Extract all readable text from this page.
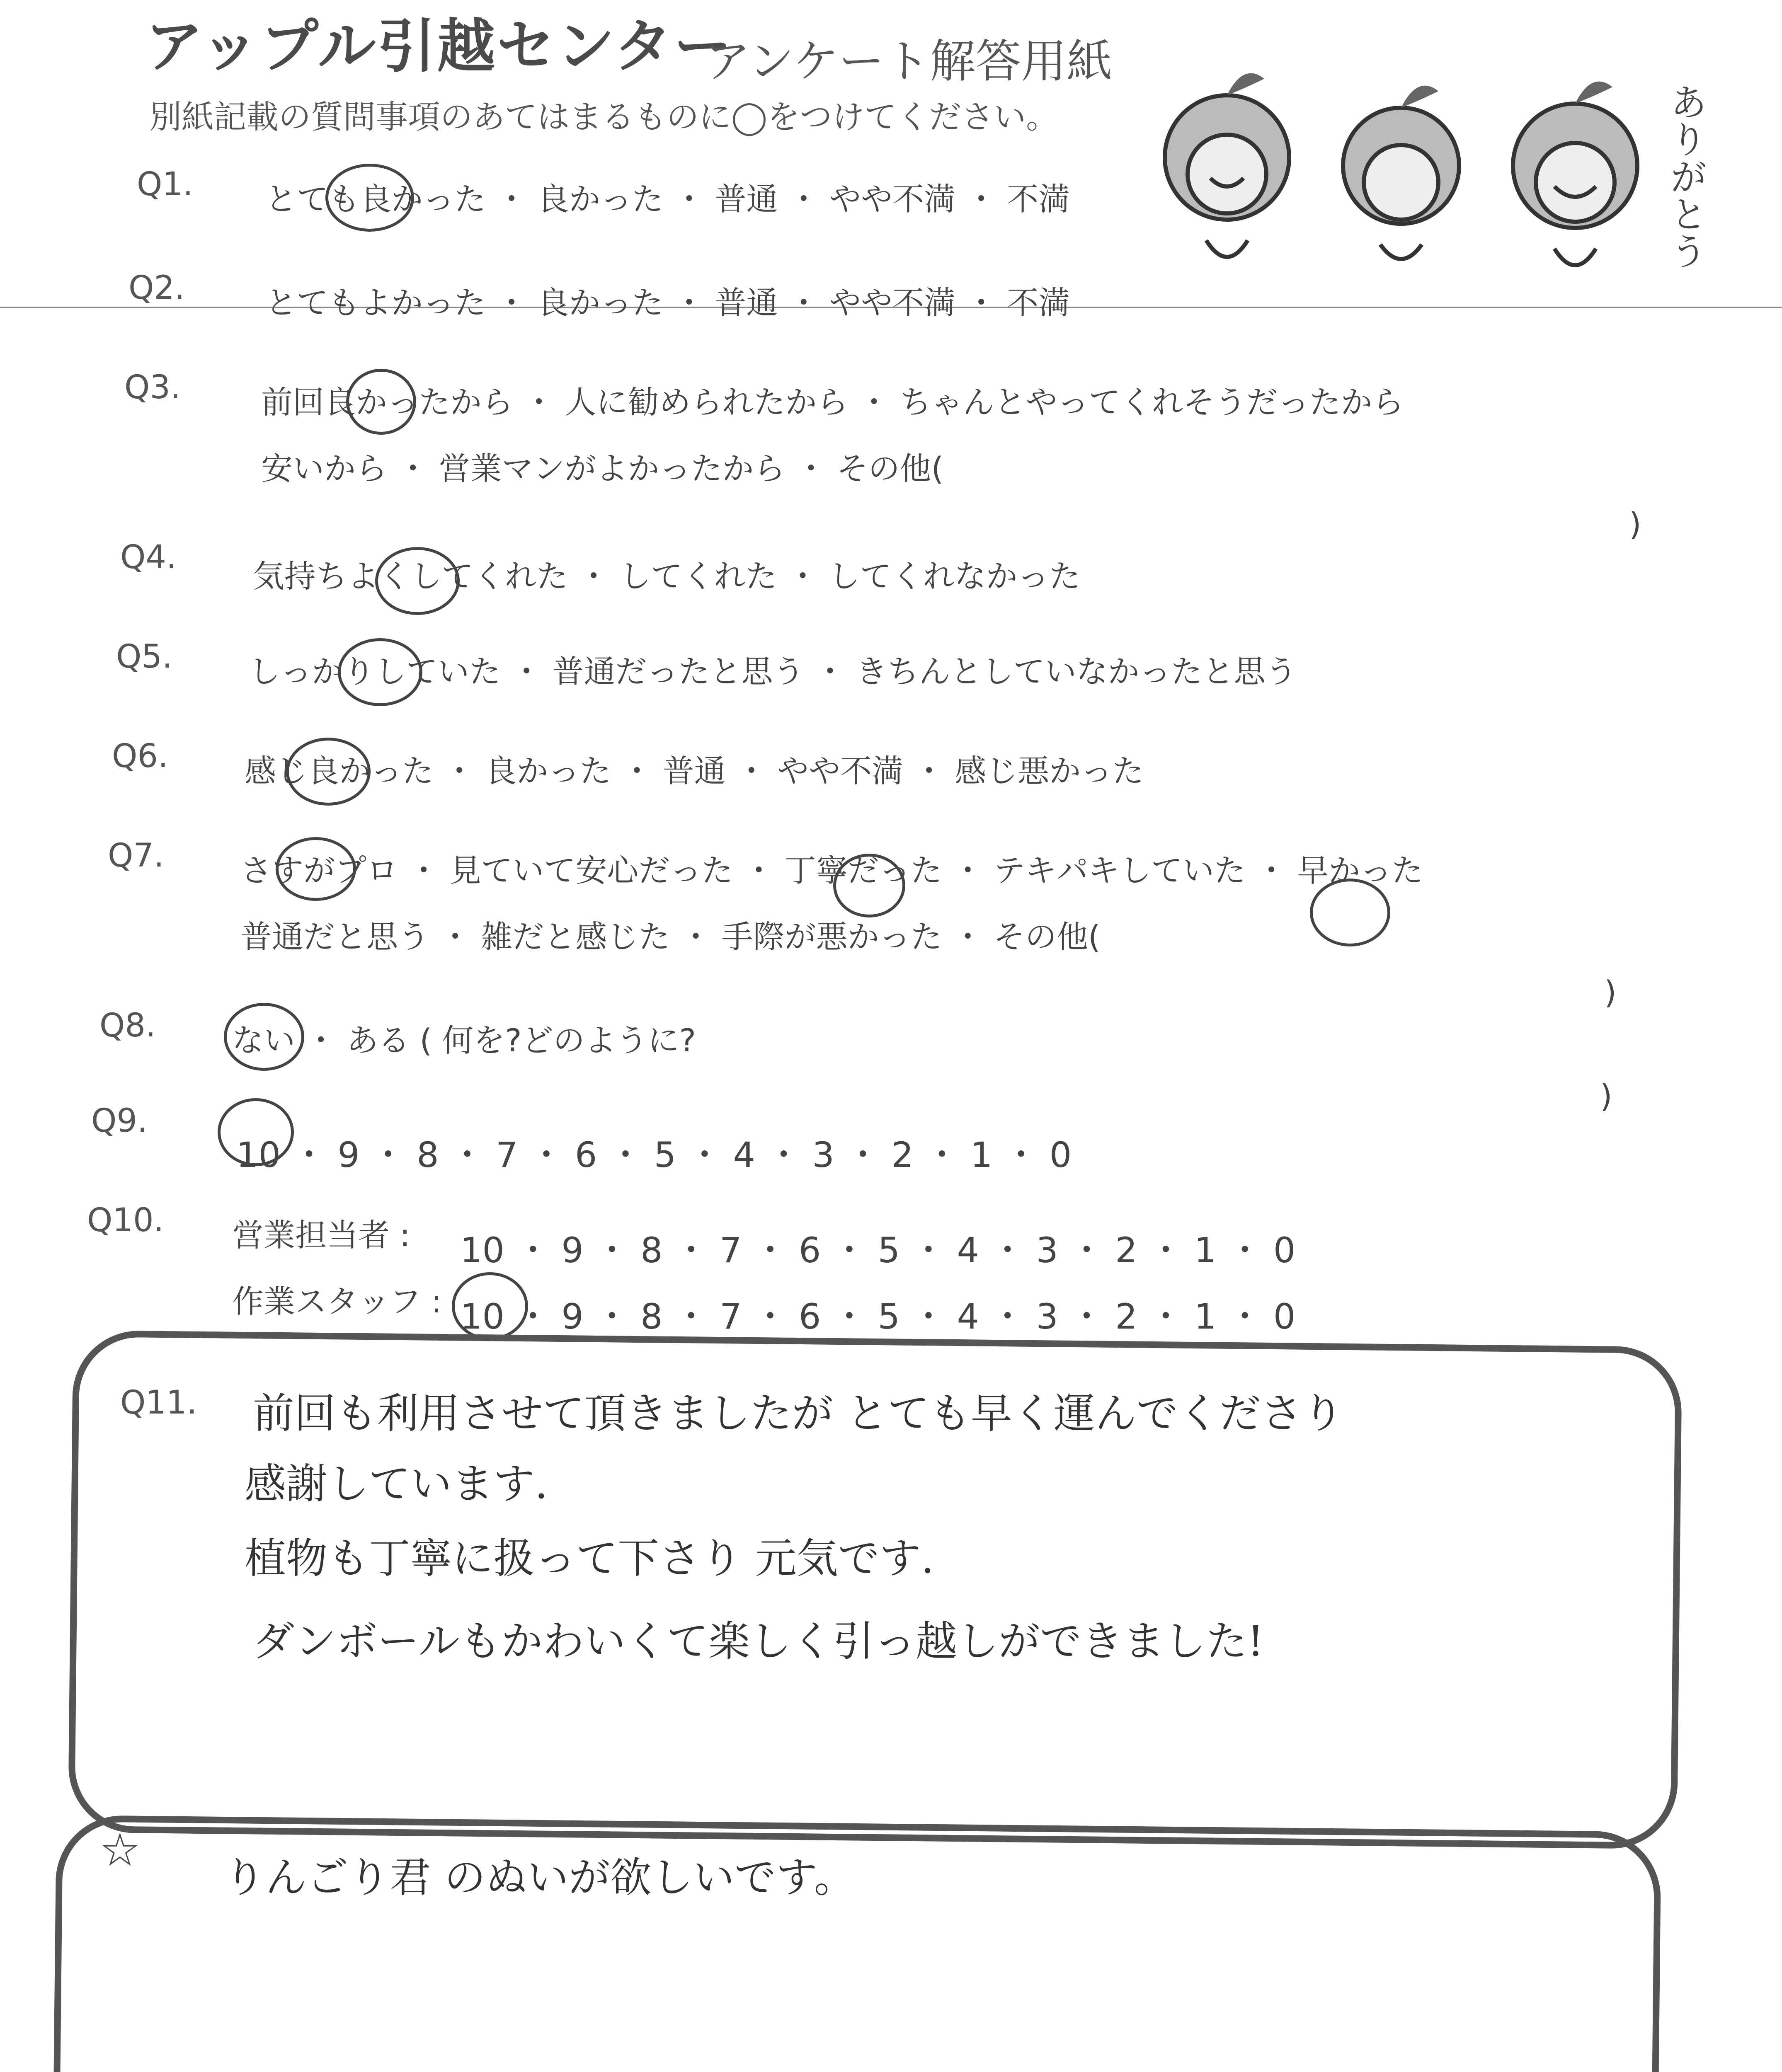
アップル引越センター
アンケート解答用紙
別紙記載の質問事項のあてはまるものに◯をつけてください。	ありがとう
Q1. とても良かった ・ 良かった ・ 普通 ・ やや不満 ・ 不満
Q2.	とてもよかった ・ 良かった ・ 普通 ・ やや不満 ・ 不満
Q3.	前回良かったから ・ 人に勧められたから ・ ちゃんとやってくれそうだったから
安いから ・ 営業マンがよかったから ・ その他(
)
Q4.
気持ちよくしてくれた ・ してくれた ・ してくれなかった
Q5. しっかりしていた ・ 普通だったと思う ・ きちんとしていなかったと思う
Q6. 感じ良かった ・ 良かった ・ 普通 ・ やや不満 ・ 感じ悪かった
Q7. さすがプロ ・ 見ていて安心だった ・ 丁寧だった ・ テキパキしていた ・ 早かった
普通だと思う ・ 雑だと感じた ・ 手際が悪かった ・ その他(
)
Q8. ない ・ ある ( 何を?どのように?
)
Q9.
10 ・ 9 ・ 8 ・ 7 ・ 6 ・ 5 ・ 4 ・ 3 ・ 2 ・ 1 ・ 0
Q10. 営業担当者 : 10 ・ 9 ・ 8 ・ 7 ・ 6 ・ 5 ・ 4 ・ 3 ・ 2 ・ 1 ・ 0
作業スタッフ : 10 ・ 9 ・ 8 ・ 7 ・ 6 ・ 5 ・ 4 ・ 3 ・ 2 ・ 1 ・ 0
Q11. 前回も利用させて頂きましたが とても早く運んでくださり
感謝しています.
植物も丁寧に扱って下さり 元気です.
ダンボールもかわいくて楽しく引っ越しができました!
☆
りんごり君 のぬいが欲しいです。
